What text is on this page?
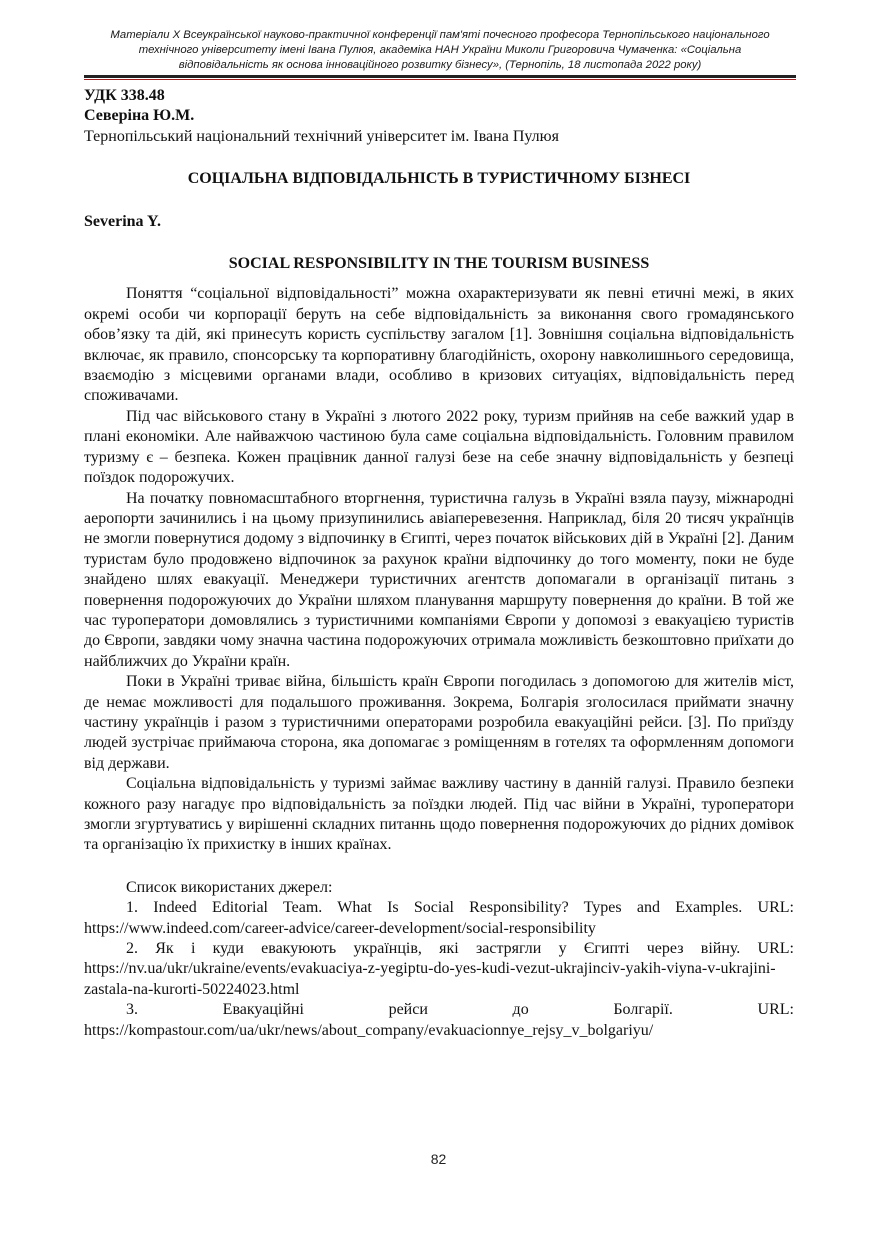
Матеріали X Всеукраїнської науково-практичної конференції пам'яті почесного професора Тернопільського національного
технічного університету імені Івана Пулюя, академіка НАН України Миколи Григоровича Чумаченка: «Соціальна
відповідальність як основа інноваційного розвитку бізнесу», (Тернопіль, 18 листопада 2022 року)
УДК 338.48
Северіна Ю.М.
Тернопільський національний технічний університет ім. Івана Пулюя
СОЦІАЛЬНА ВІДПОВІДАЛЬНІСТЬ В ТУРИСТИЧНОМУ БІЗНЕСІ
Severina Y.
SOCIAL RESPONSIBILITY IN THE TOURISM BUSINESS

Поняття “соціальної відповідальності” можна охарактеризувати як певні етичні межі, в яких окремі особи чи корпорації беруть на себе відповідальність за виконання свого громадянського обов’язку та дій, які принесуть користь суспільству загалом [1]. Зовнішня соціальна відповідальність включає, як правило, спонсорську та корпоративну благодійність, охорону навколишнього середовища, взаємодію з місцевими органами влади, особливо в кризових ситуаціях, відповідальність перед споживачами.

Під час військового стану в Україні з лютого 2022 року, туризм прийняв на себе важкий удар в плані економіки. Але найважчою частиною була саме соціальна відповідальність. Головним правилом туризму є – безпека. Кожен працівник данної галузі безе на себе значну відповідальність у безпеці поїздок подорожучих.

На початку повномасштабного вторгнення, туристична галузь в Україні взяла паузу, міжнародні аеропорти зачинились і на цьому призупинились авіаперевезення. Наприклад, біля 20 тисяч українців не змогли повернутися додому з відпочинку в Єгипті, через початок військових дій в Україні [2]. Даним туристам було продовжено відпочинок за рахунок країни відпочинку до того моменту, поки не буде знайдено шлях евакуації. Менеджери туристичних агентств допомагали в організації питань з повернення подорожуючих до України шляхом планування маршруту повернення до країни. В той же час туроператори домовлялись з туристичними компаніями Європи у допомозі з евакуацією туристів до Європи, завдяки чому значна частина подорожуючих отримала можливість безкоштовно приїхати до найближчих до України країн.

Поки в Україні триває війна, більшість країн Європи погодилась з допомогою для жителів міст, де немає можливості для подальшого проживання. Зокрема, Болгарія зголосилася приймати значну частину українців і разом з туристичними операторами розробила евакуаційні рейси. [3]. По приїзду людей зустрічає приймаюча сторона, яка допомагає з роміщенням в готелях та оформленням допомоги від держави.

Соціальна відповідальність у туризмі займає важливу частину в данній галузі. Правило безпеки кожного разу нагадує про відповідальність за поїздки людей. Під час війни в Україні, туроператори змогли згуртуватись у вирішенні складних питаннь щодо повернення подорожуючих до рідних домівок та організацію їх прихистку в інших країнах.

Список використаних джерел:

1. Indeed Editorial Team. What Is Social Responsibility? Types and Examples. URL: https://www.indeed.com/career-advice/career-development/social-responsibility

2. Як і куди евакуюють українців, які застрягли у Єгипті через війну. URL: https://nv.ua/ukr/ukraine/events/evakuaciya-z-yegiptu-do-yes-kudi-vezut-ukrajinciv-yakih-viyna-v-ukrajini-zastala-na-kurorti-50224023.html

3. Евакуаційні рейси до Болгарії. URL: https://kompastour.com/ua/ukr/news/about_company/evakuacionnye_rejsy_v_bolgariyu/

82
